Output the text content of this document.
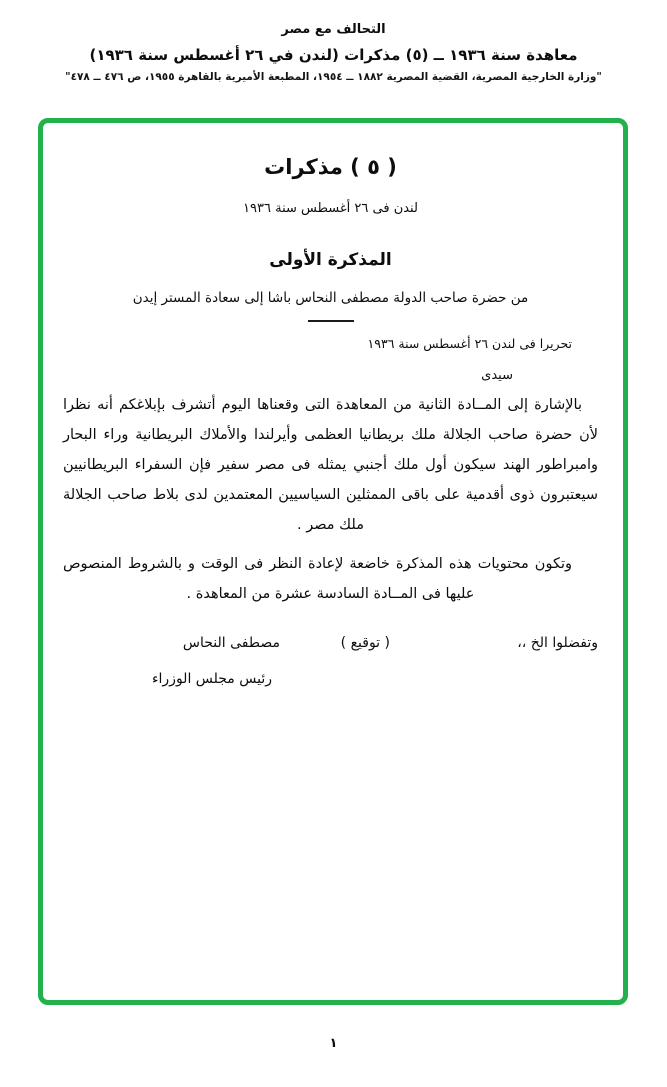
التحالف مع مصر
معاهدة سنة ١٩٣٦ ــ (٥) مذكرات (لندن في ٢٦ أغسطس سنة ١٩٣٦)
"وزارة الخارجية المصرية، القضية المصرية ١٨٨٢ ــ ١٩٥٤، المطبعة الأميرية بالقاهرة ١٩٥٥، ص ٤٧٦ ــ ٤٧٨"
( ٥ ) مذكرات
لندن فى ٢٦ أغسطس سنة ١٩٣٦
المذكرة الأولى
من حضرة صاحب الدولة مصطفى النحاس باشا إلى سعادة المستر إيدن
تحريرا فى لندن ٢٦ أغسطس سنة ١٩٣٦
سيدى

بالإشارة إلى المــادة الثانية من المعاهدة التى وقعناها اليوم أتشرف بإبلاغكم أنه نظرا لأن حضرة صاحب الجلالة ملك بريطانيا العظمى وأيرلندا والأملاك البريطانية وراء البحار وامبراطور الهند سيكون أول ملك أجنبي يمثله فى مصر سفير فإن السفراء البريطانيين سيعتبرون ذوى أقدمية على باقى الممثلين السياسيين المعتمدين لدى بلاط صاحب الجلالة ملك مصر .

وتكون محتويات هذه المذكرة خاضعة لإعادة النظر فى الوقت و بالشروط المنصوص عليها فى المــادة السادسة عشرة من المعاهدة .

وتفضلوا الخ ،،
( توقيع )
مصطفى النحاس
رئيس مجلس الوزراء
١
